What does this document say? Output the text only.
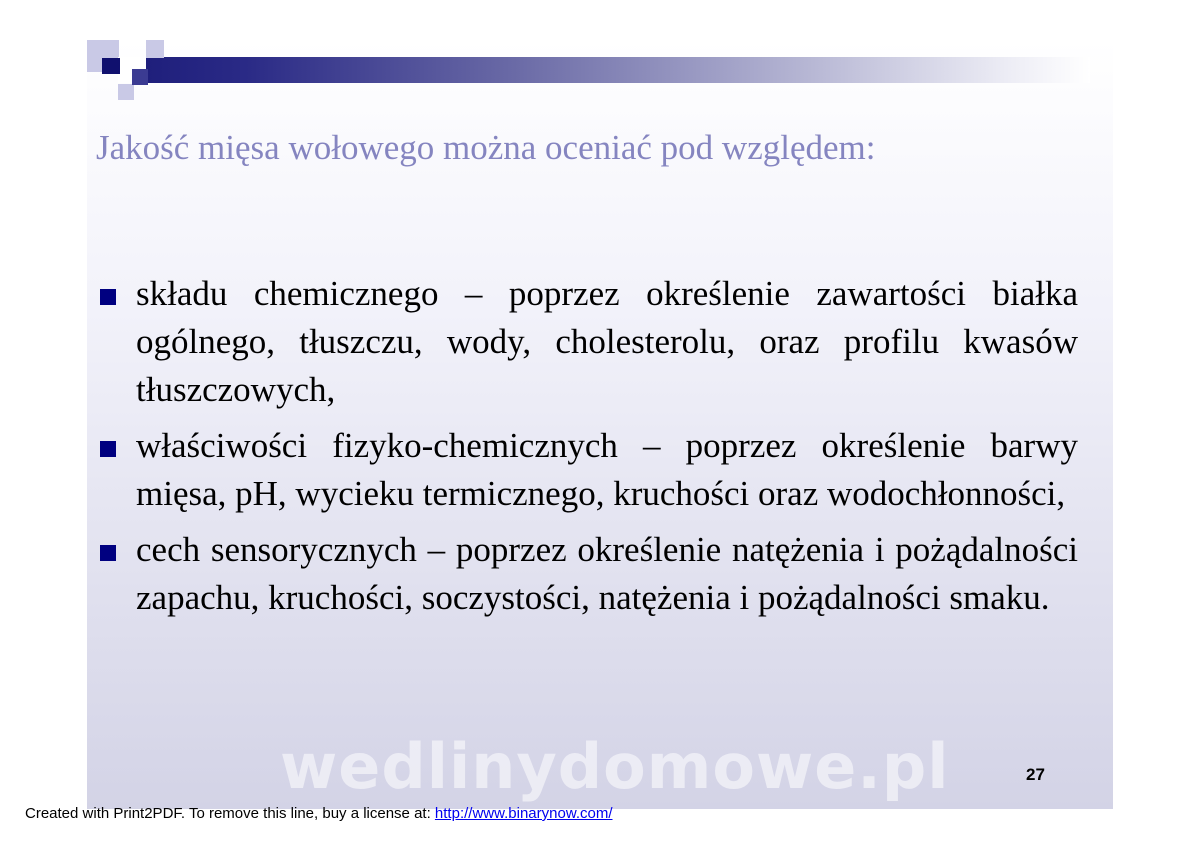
Jakość mięsa wołowego można oceniać pod względem:
składu chemicznego – poprzez określenie zawartości białka ogólnego, tłuszczu, wody, cholesterolu, oraz profilu kwasów tłuszczowych,
właściwości fizyko-chemicznych – poprzez określenie barwy mięsa, pH, wycieku termicznego, kruchości oraz wodochłonności,
cech sensorycznych – poprzez określenie natężenia i pożądalności zapachu, kruchości, soczystości, natężenia i pożądalności smaku.
wedlinydomowe.pl	27
Created with Print2PDF. To remove this line, buy a license at: http://www.binarynow.com/
